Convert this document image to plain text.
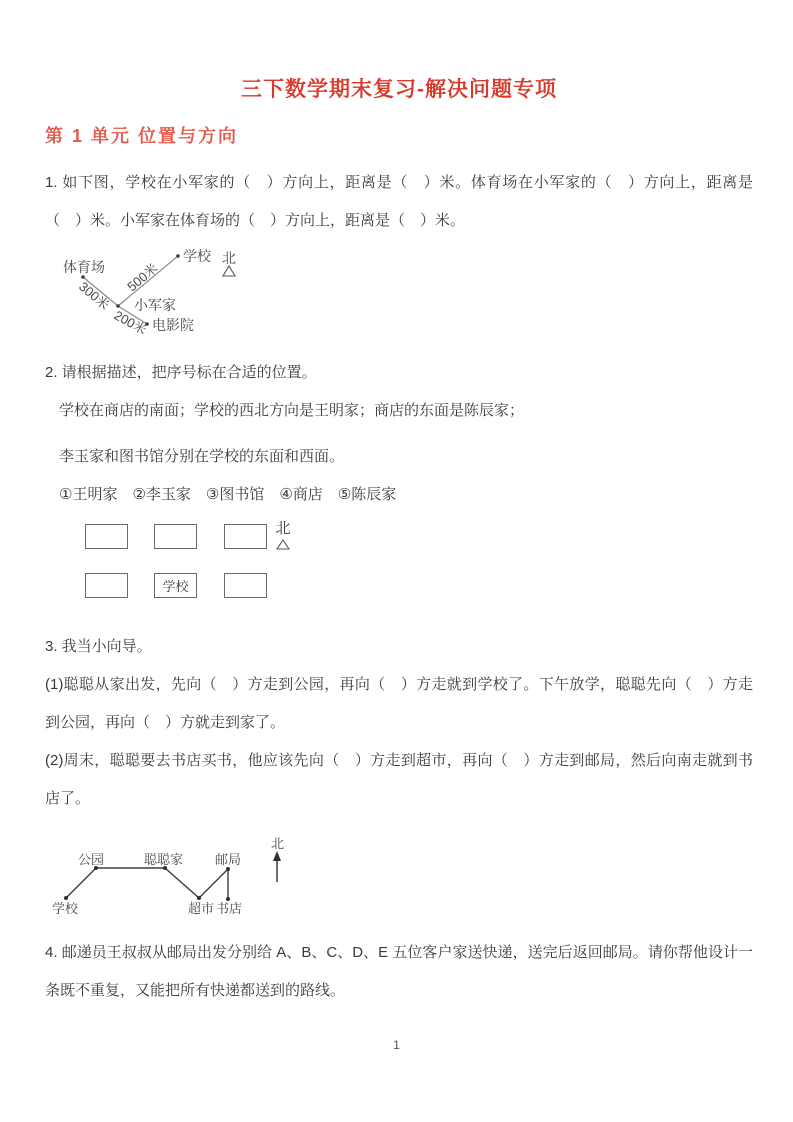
三下数学期末复习-解决问题专项
第 1 单元 位置与方向

1. 如下图，学校在小军家的（　）方向上，距离是（　）米。体育场在小军家的（　）方向上，距离是（　）米。小军家在体育场的（　）方向上，距离是（　）米。

体育场
学校 北
小军家
电影院
300米
500米
200米

2. 请根据描述，把序号标在合适的位置。

学校在商店的南面；学校的西北方向是王明家；商店的东面是陈辰家；

李玉家和图书馆分别在学校的东面和西面。

①王明家　②李玉家　③图书馆　④商店　⑤陈辰家

北

学校

3. 我当小向导。

(1)聪聪从家出发，先向（　）方走到公园，再向（　）方走就到学校了。下午放学，聪聪先向（　）方走到公园，再向（　）方就走到家了。

(2)周末，聪聪要去书店买书，他应该先向（　）方走到超市，再向（　）方走到邮局，然后向南走就到书店了。

公园	聪聪家 邮局
学校	超市 书店
北

4. 邮递员王叔叔从邮局出发分别给 A、B、C、D、E 五位客户家送快递，送完后返回邮局。请你帮他设计一条既不重复，又能把所有快递都送到的路线。

1
